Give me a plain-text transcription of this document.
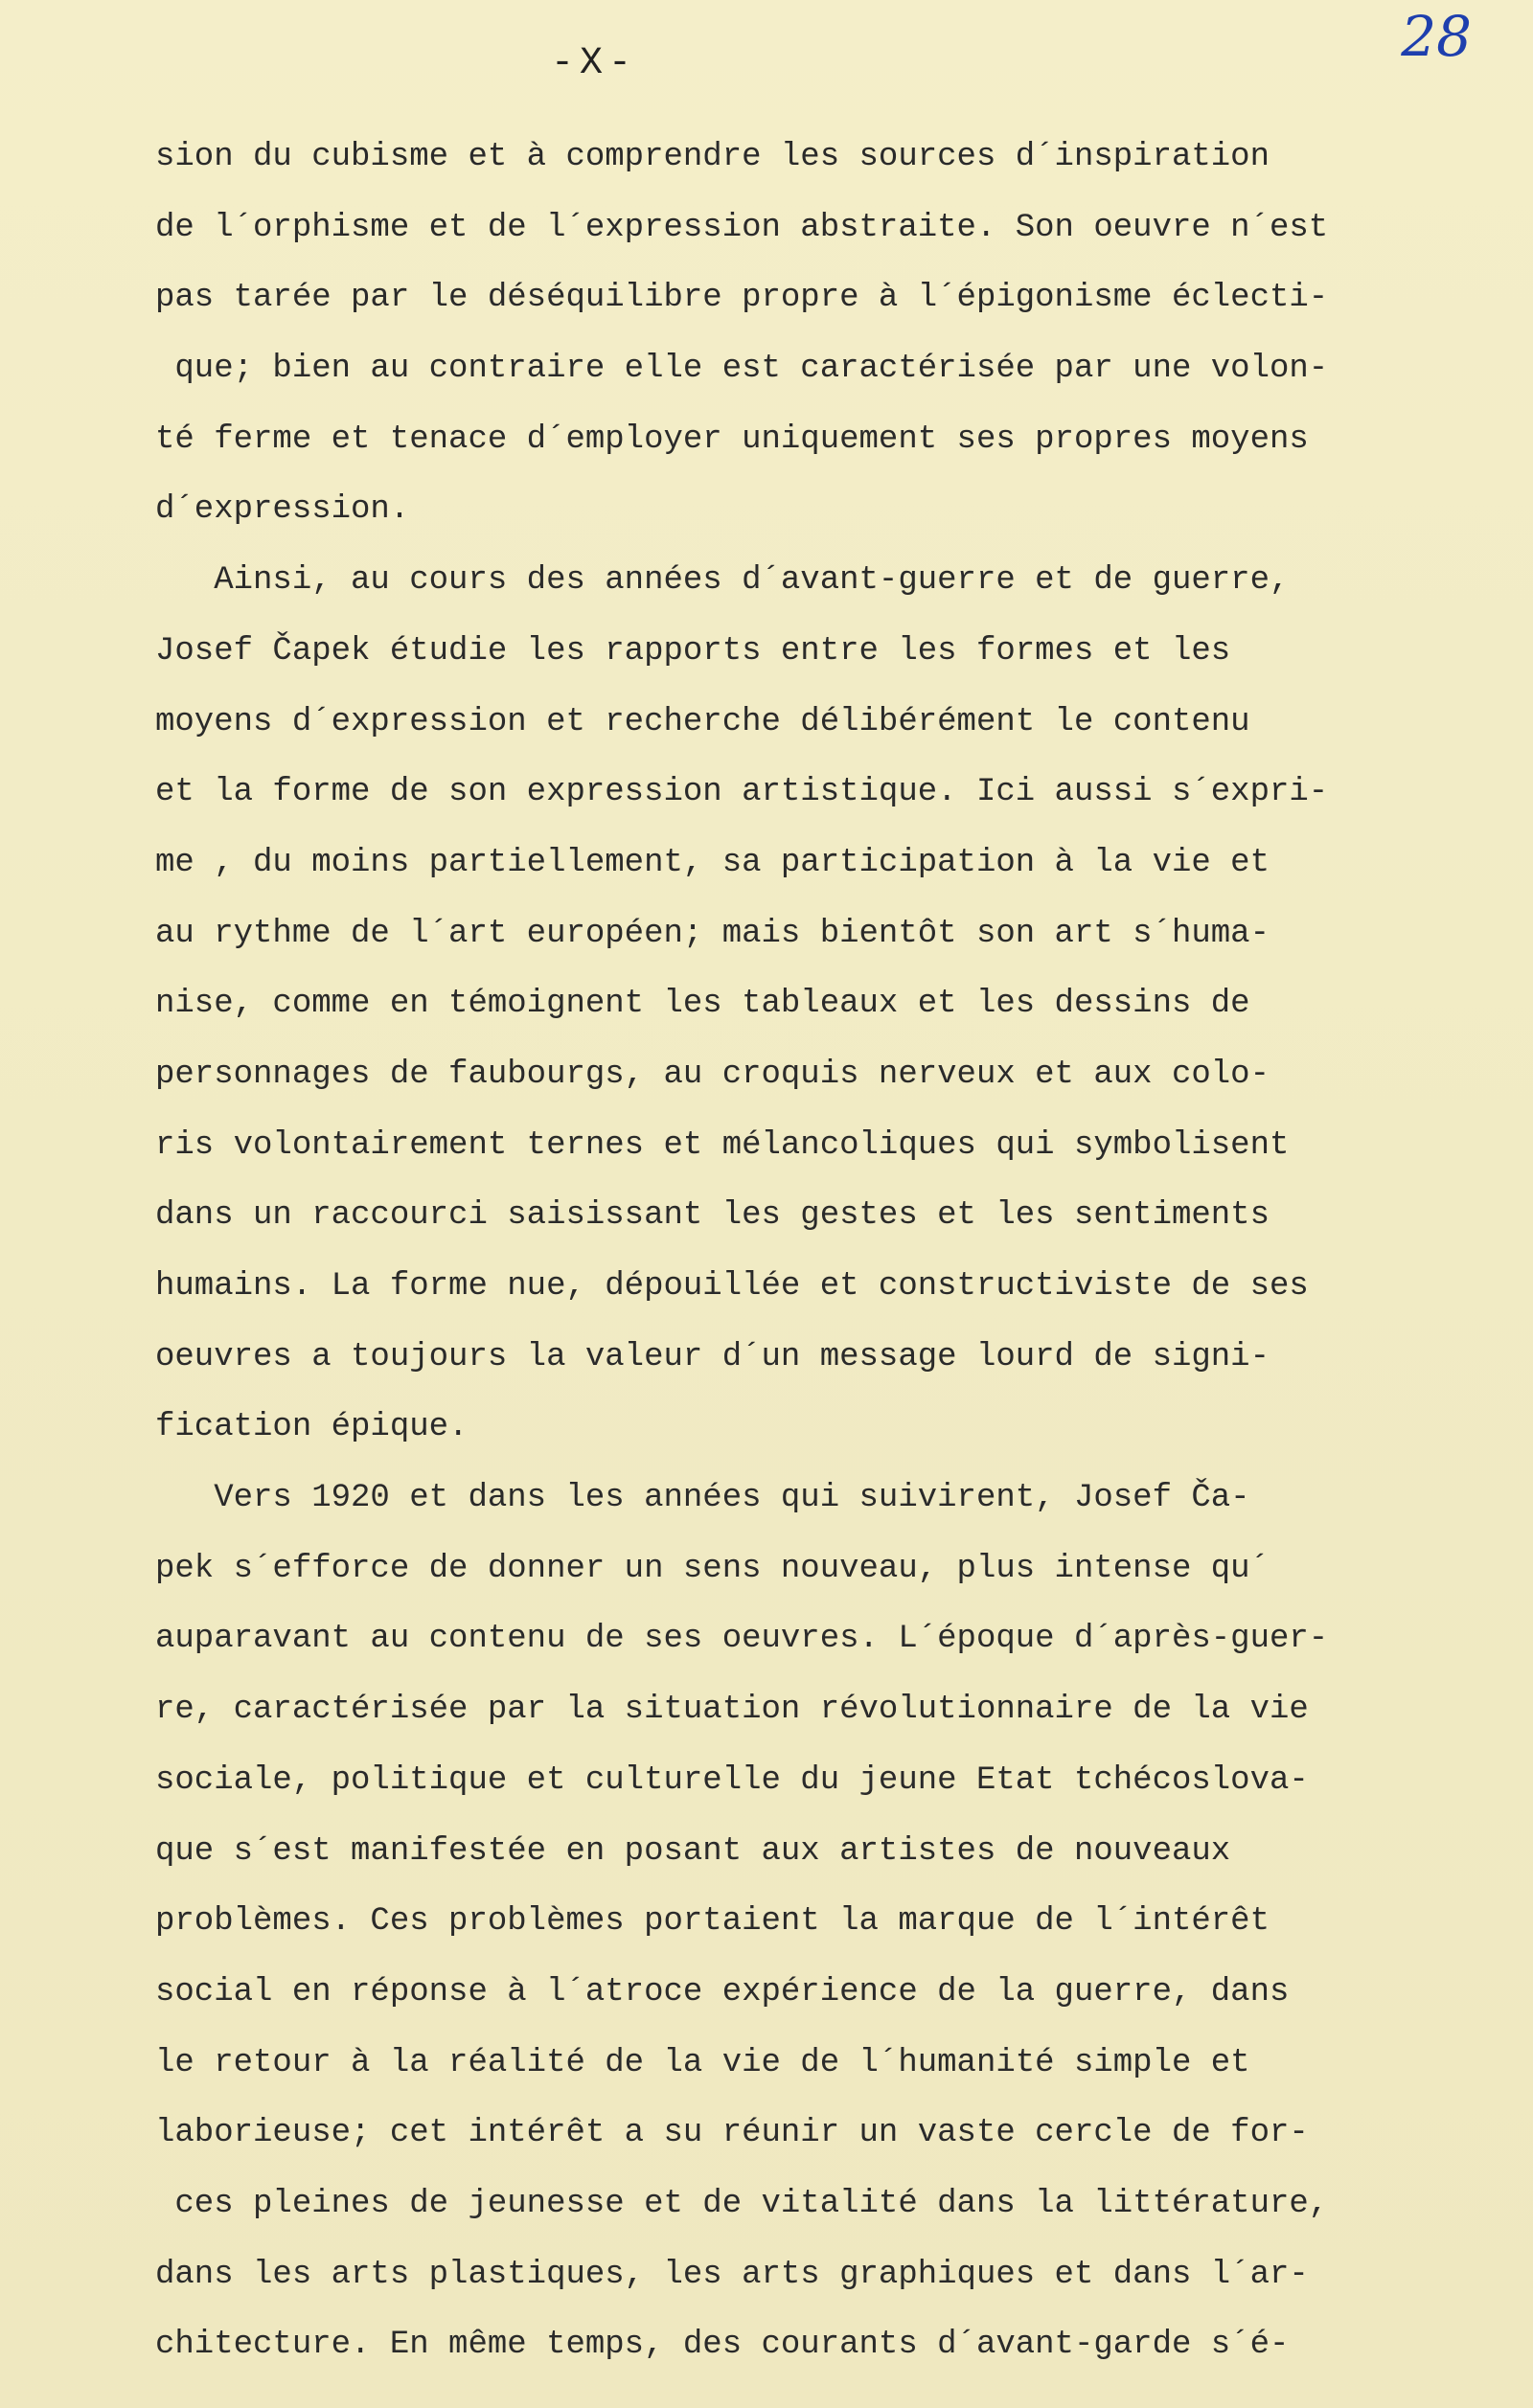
28
-X-
sion du cubisme et à comprendre les sources d´inspiration
de l´orphisme et de l´expression abstraite. Son oeuvre n´est
pas tarée par le déséquilibre propre à l´épigonisme éclecti-
que; bien au contraire elle est caractérisée par une volon-
té ferme et tenace d´employer uniquement ses propres moyens
d´expression.
Ainsi, au cours des années d´avant-guerre et de guerre,
Josef Čapek étudie les rapports entre les formes et les
moyens d´expression et recherche délibérément le contenu
et la forme de son expression artistique. Ici aussi s´expri-
me , du moins partiellement, sa participation à la vie et
au rythme de l´art européen; mais bientôt son art s´huma-
nise, comme en témoignent les tableaux et les dessins de
personnages de faubourgs, au croquis nerveux et aux colo-
ris volontairement ternes et mélancoliques qui symbolisent
dans un raccourci saisissant les gestes et les sentiments
humains. La forme nue, dépouillée et constructiviste de ses
oeuvres a toujours la valeur d´un message lourd de signi-
fication épique.
Vers 1920 et dans les années qui suivirent, Josef Ča-
pek s´efforce de donner un sens nouveau, plus intense qu´
auparavant au contenu de ses oeuvres. L´époque d´après-guer-
re, caractérisée par la situation révolutionnaire de la vie
sociale, politique et culturelle du jeune Etat tchécoslova-
que s´est manifestée en posant aux artistes de nouveaux
problèmes. Ces problèmes portaient la marque de l´intérêt
social en réponse à l´atroce expérience de la guerre, dans
le retour à la réalité de la vie de l´humanité simple et
laborieuse; cet intérêt a su réunir un vaste cercle de for-
ces pleines de jeunesse et de vitalité dans la littérature,
dans les arts plastiques, les arts graphiques et dans l´ar-
chitecture. En même temps, des courants d´avant-garde s´é-
